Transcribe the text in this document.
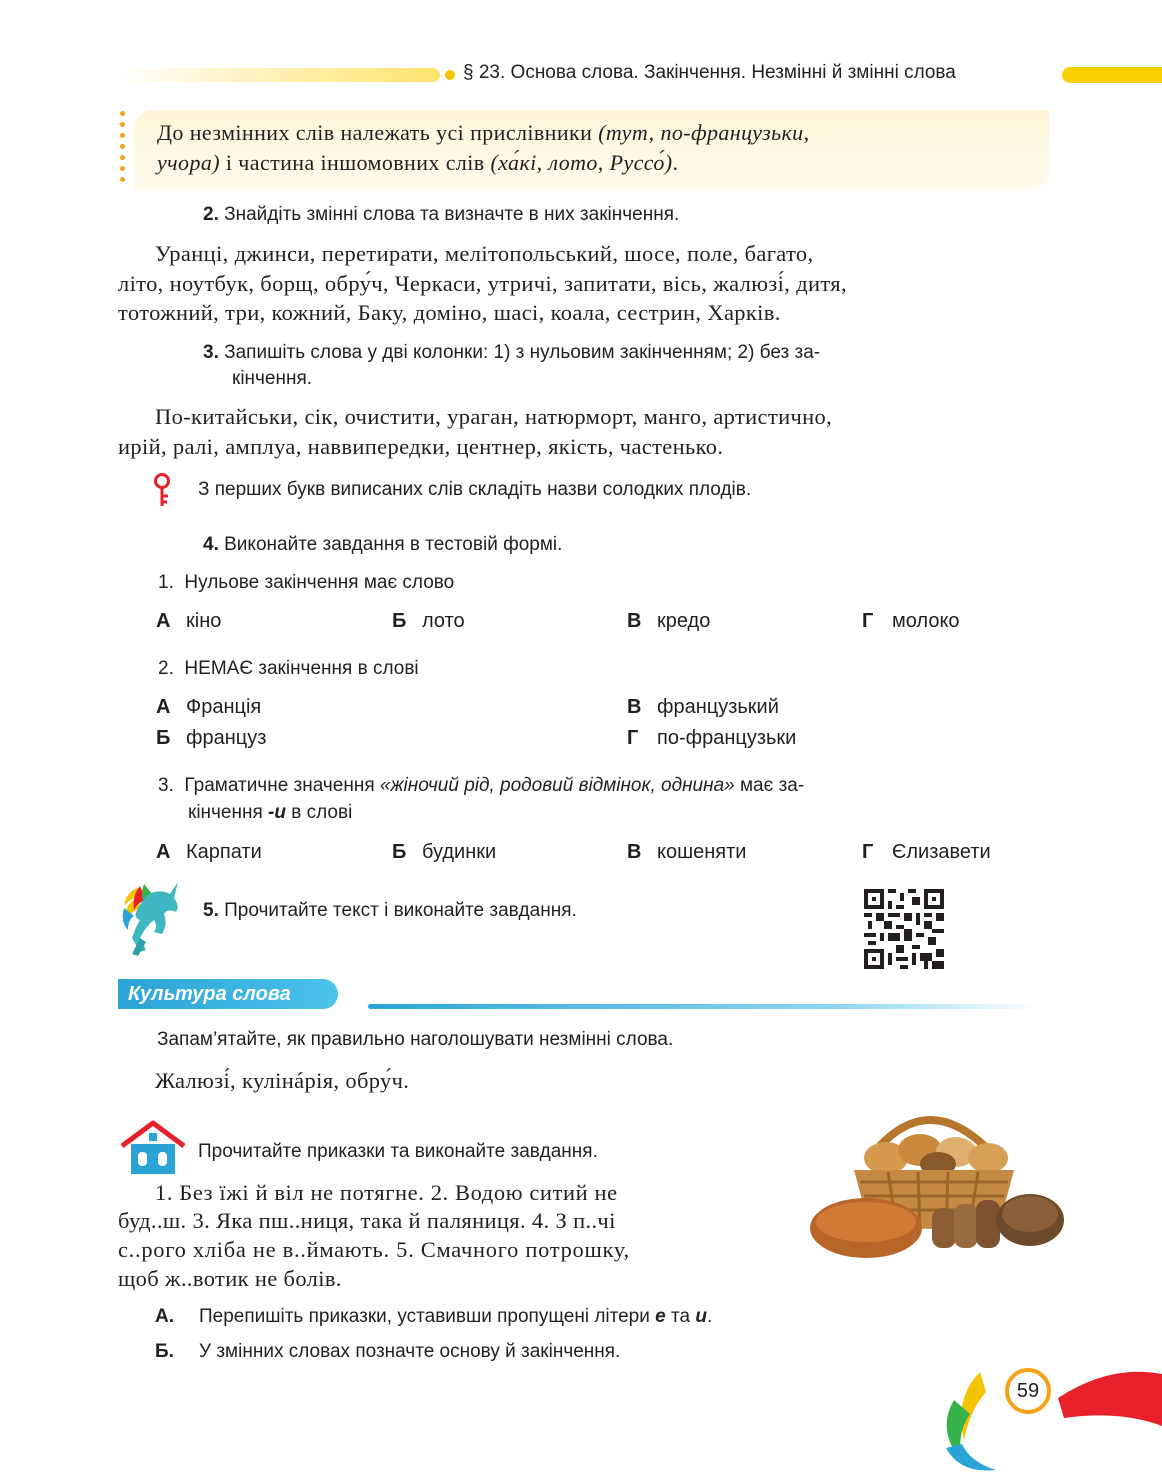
§ 23. Основа слова. Закінчення. Незмінні й змінні слова
До незмінних слів належать усі прислівники (тут, по-французьки,
учора) і частина іншомовних слів (ха́кі, лото, Руссо́).
2. Знайдіть змінні слова та визначте в них закінчення.
Уранці, джинси, перетирати, мелітопольський, шосе, поле, багато,
літо, ноутбук, борщ, обру́ч, Черкаси, утричі, запитати, вісь, жалюзі́, дитя,
тотожний, три, кожний, Баку, доміно, шасі, коала, сестрин, Харків.
3. Запишіть слова у дві колонки: 1) з нульовим закінченням; 2) без за-
кінчення.
По-китайськи, сік, очистити, ураган, натюрморт, манго, артистично,
ирій, ралі, амплуа, наввипередки, центнер, якість, частенько.
З перших букв виписаних слів складіть назви солодких плодів.
4. Виконайте завдання в тестовій формі.
1. Нульове закінчення має слово
А кіно	Б лото	В кредо	Г молоко
2. НЕМАЄ закінчення в слові
А Франція	В французький
Б француз	Г по-французьки
3. Граматичне значення «жіночий рід, родовий відмінок, однина» має за-
кінчення -и в слові
А Карпати	Б будинки	В кошеняти	Г Єлизавети
5. Прочитайте текст і виконайте завдання.
Культура слова
Запам’ятайте, як правильно наголошувати незмінні слова.
Жалюзі́, кулінáрія, обру́ч.
Прочитайте приказки та виконайте завдання.
1. Без їжі й віл не потягне. 2. Водою ситий не
буд..ш. 3. Яка пш..ниця, така й паляниця. 4. З п..чі
с..рого хліба не в..ймають. 5. Смачного потрошку,
щоб ж..вотик не болів.
А. Перепишіть приказки, уставивши пропущені літери е та и.
Б. У змінних словах позначте основу й закінчення.
59
